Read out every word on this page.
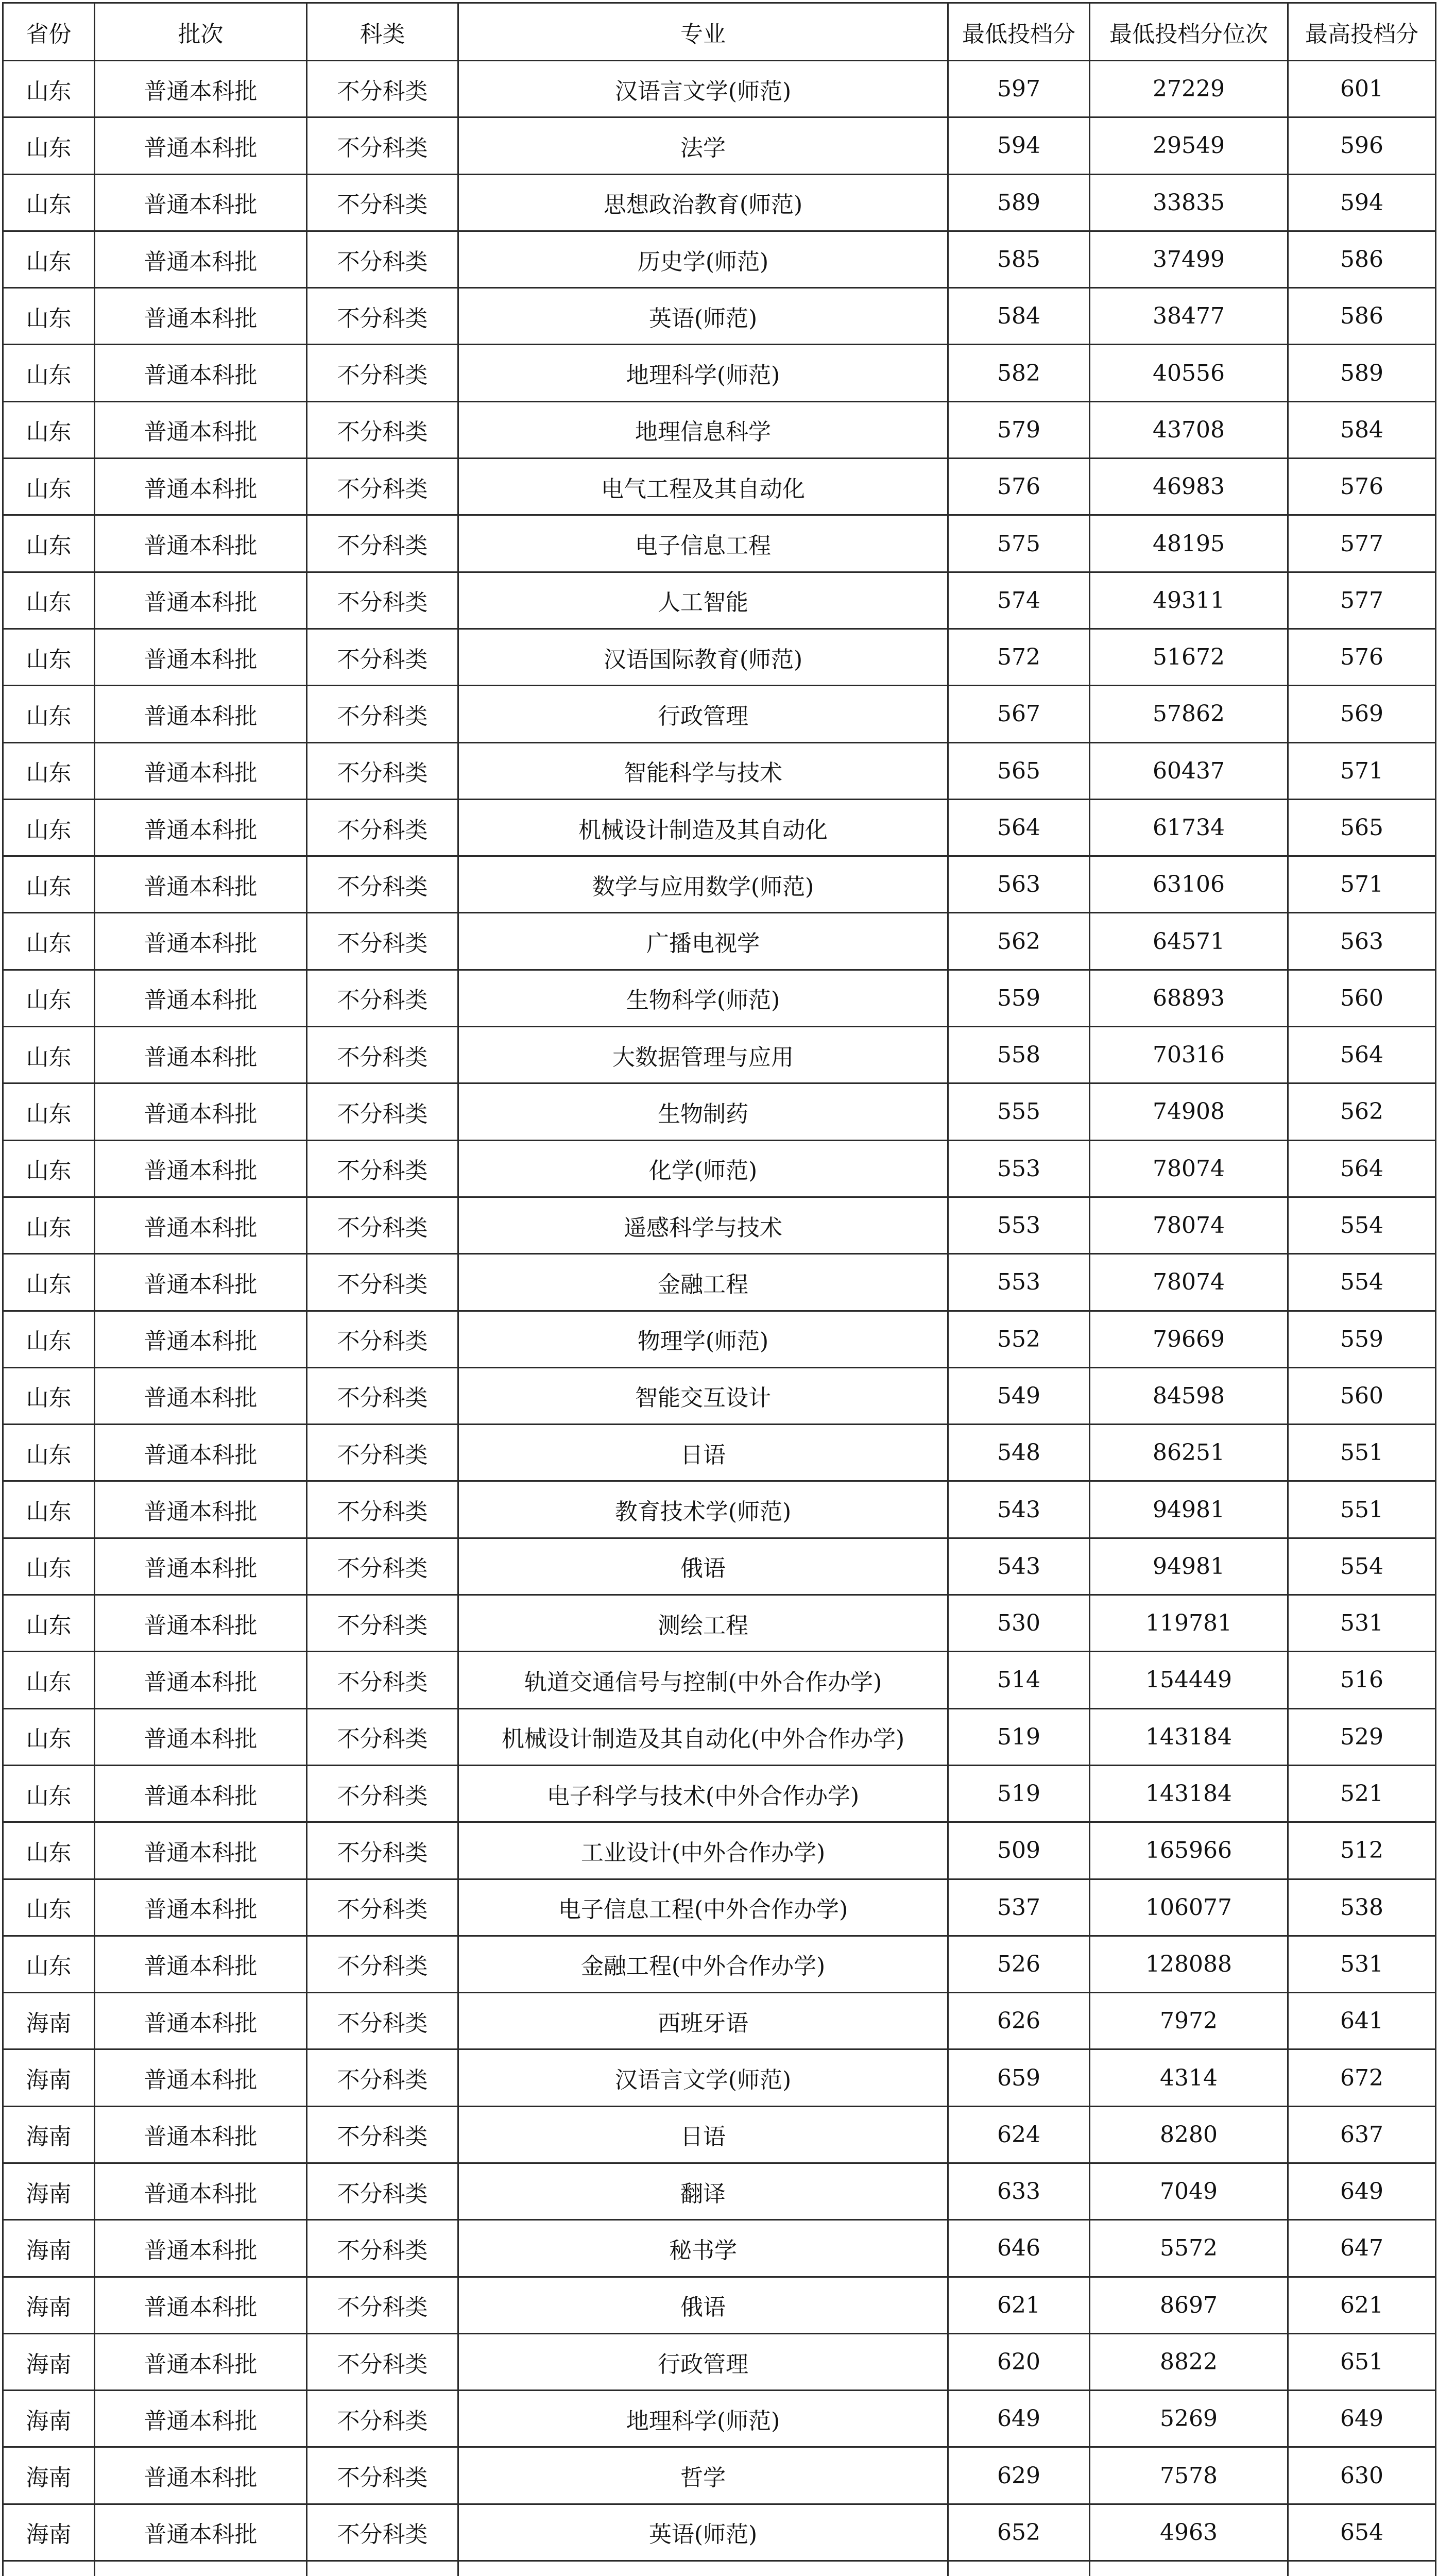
省份	批次	科类	专业	最低投档分	最低投档分位次	最高投档分
山东	普通本科批	不分科类	汉语言文学(师范)	597	27229	601
山东	普通本科批	不分科类	法学	594	29549	596
山东	普通本科批	不分科类	思想政治教育(师范)	589	33835	594
山东	普通本科批	不分科类	历史学(师范)	585	37499	586
山东	普通本科批	不分科类	英语(师范)	584	38477	586
山东	普通本科批	不分科类	地理科学(师范)	582	40556	589
山东	普通本科批	不分科类	地理信息科学	579	43708	584
山东	普通本科批	不分科类	电气工程及其自动化	576	46983	576
山东	普通本科批	不分科类	电子信息工程	575	48195	577
山东	普通本科批	不分科类	人工智能	574	49311	577
山东	普通本科批	不分科类	汉语国际教育(师范)	572	51672	576
山东	普通本科批	不分科类	行政管理	567	57862	569
山东	普通本科批	不分科类	智能科学与技术	565	60437	571
山东	普通本科批	不分科类	机械设计制造及其自动化	564	61734	565
山东	普通本科批	不分科类	数学与应用数学(师范)	563	63106	571
山东	普通本科批	不分科类	广播电视学	562	64571	563
山东	普通本科批	不分科类	生物科学(师范)	559	68893	560
山东	普通本科批	不分科类	大数据管理与应用	558	70316	564
山东	普通本科批	不分科类	生物制药	555	74908	562
山东	普通本科批	不分科类	化学(师范)	553	78074	564
山东	普通本科批	不分科类	遥感科学与技术	553	78074	554
山东	普通本科批	不分科类	金融工程	553	78074	554
山东	普通本科批	不分科类	物理学(师范)	552	79669	559
山东	普通本科批	不分科类	智能交互设计	549	84598	560
山东	普通本科批	不分科类	日语	548	86251	551
山东	普通本科批	不分科类	教育技术学(师范)	543	94981	551
山东	普通本科批	不分科类	俄语	543	94981	554
山东	普通本科批	不分科类	测绘工程	530	119781	531
山东	普通本科批	不分科类	轨道交通信号与控制(中外合作办学)	514	154449	516
山东	普通本科批	不分科类	机械设计制造及其自动化(中外合作办学)	519	143184	529
山东	普通本科批	不分科类	电子科学与技术(中外合作办学)	519	143184	521
山东	普通本科批	不分科类	工业设计(中外合作办学)	509	165966	512
山东	普通本科批	不分科类	电子信息工程(中外合作办学)	537	106077	538
山东	普通本科批	不分科类	金融工程(中外合作办学)	526	128088	531
海南	普通本科批	不分科类	西班牙语	626	7972	641
海南	普通本科批	不分科类	汉语言文学(师范)	659	4314	672
海南	普通本科批	不分科类	日语	624	8280	637
海南	普通本科批	不分科类	翻译	633	7049	649
海南	普通本科批	不分科类	秘书学	646	5572	647
海南	普通本科批	不分科类	俄语	621	8697	621
海南	普通本科批	不分科类	行政管理	620	8822	651
海南	普通本科批	不分科类	地理科学(师范)	649	5269	649
海南	普通本科批	不分科类	哲学	629	7578	630
海南	普通本科批	不分科类	英语(师范)	652	4963	654
